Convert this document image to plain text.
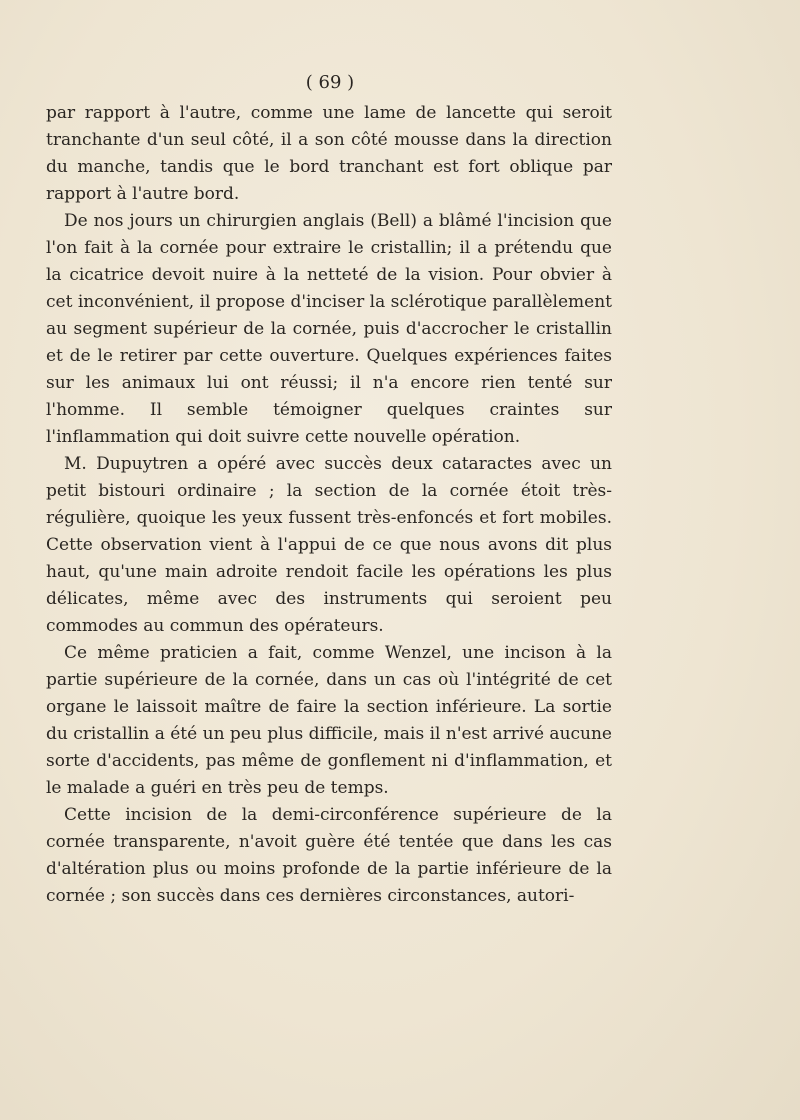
( 69 )

par rapport à l'autre, comme une lame de lancette qui seroit tranchante d'un seul côté, il a son côté mousse dans la direction du manche, tandis que le bord tranchant est fort oblique par rapport à l'autre bord.

De nos jours un chirurgien anglais (Bell) a blâmé l'incision que l'on fait à la cornée pour extraire le cristallin; il a prétendu que la cicatrice devoit nuire à la netteté de la vision. Pour obvier à cet inconvénient, il propose d'inciser la sclérotique parallèlement au segment supérieur de la cornée, puis d'accrocher le cristallin et de le retirer par cette ouverture. Quelques expériences faites sur les animaux lui ont réussi; il n'a encore rien tenté sur l'homme. Il semble témoigner quelques craintes sur l'inflammation qui doit suivre cette nouvelle opération.

M. Dupuytren a opéré avec succès deux cataractes avec un petit bistouri ordinaire ; la section de la cornée étoit très-régulière, quoique les yeux fussent très-enfoncés et fort mobiles. Cette observation vient à l'appui de ce que nous avons dit plus haut, qu'une main adroite rendoit facile les opérations les plus délicates, même avec des instruments qui seroient peu commodes au commun des opérateurs.

Ce même praticien a fait, comme Wenzel, une incison à la partie supérieure de la cornée, dans un cas où l'intégrité de cet organe le laissoit maître de faire la section inférieure. La sortie du cristallin a été un peu plus difficile, mais il n'est arrivé aucune sorte d'accidents, pas même de gonflement ni d'inflammation, et le malade a guéri en très peu de temps.

Cette incision de la demi-circonférence supérieure de la cornée transparente, n'avoit guère été tentée que dans les cas d'altération plus ou moins profonde de la partie inférieure de la cornée ; son succès dans ces dernières circonstances, autori-
